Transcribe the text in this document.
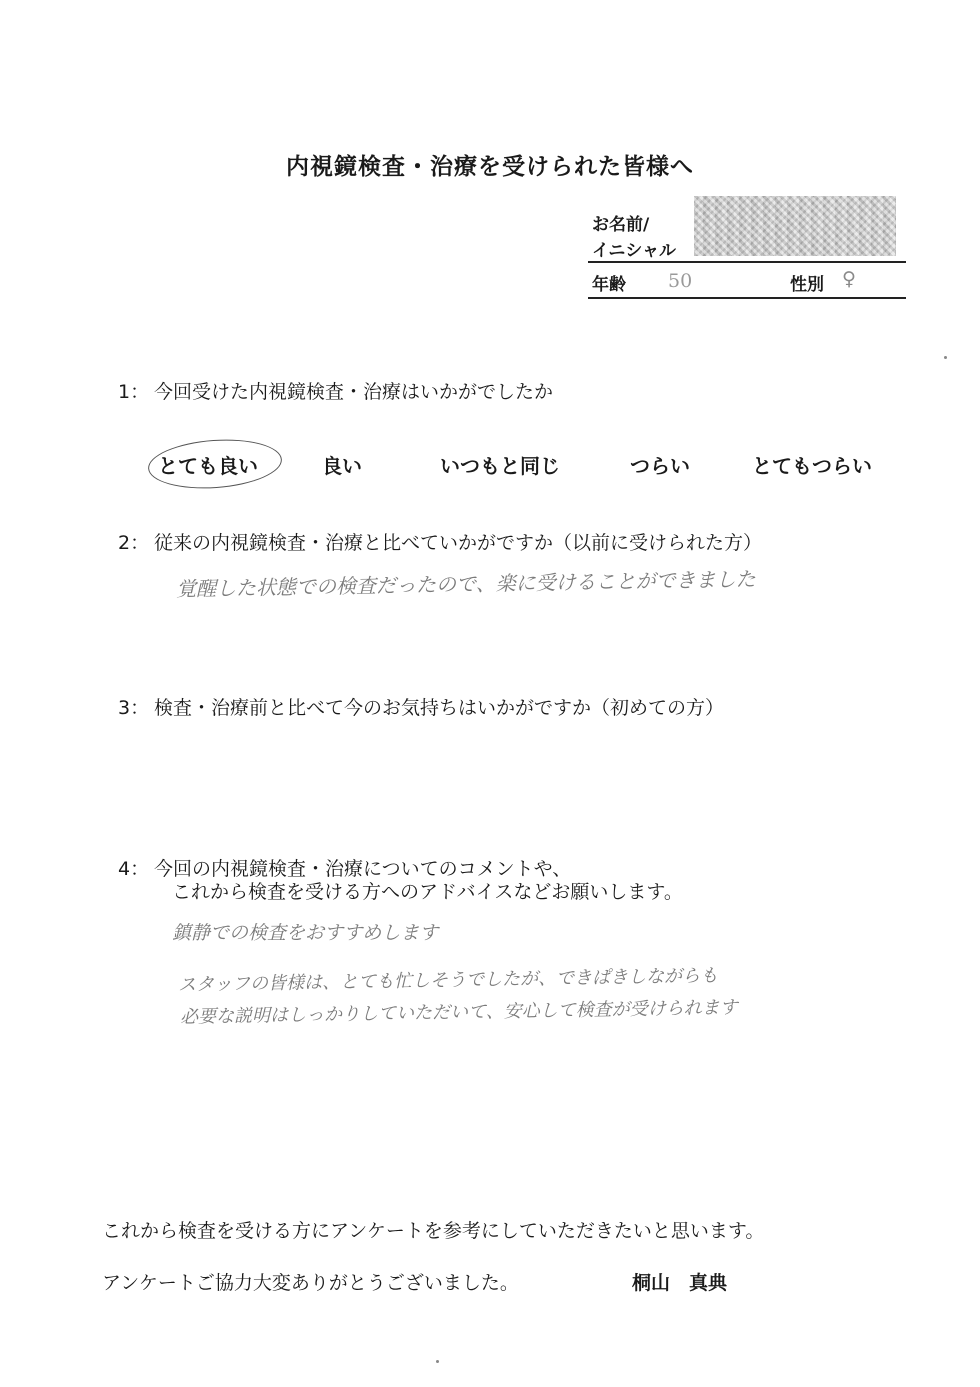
内視鏡検査・治療を受けられた皆様へ
お名前/
イニシャル
年齢 50	性別 ♀
1： 今回受けた内視鏡検査・治療はいかがでしたか
とても良い	良い	いつもと同じ	つらい	とてもつらい
2： 従来の内視鏡検査・治療と比べていかがですか（以前に受けられた方）
覚醒した状態での検査だったので、楽に受けることができました
3： 検査・治療前と比べて今のお気持ちはいかがですか（初めての方）
4： 今回の内視鏡検査・治療についてのコメントや、
これから検査を受ける方へのアドバイスなどお願いします。
鎮静での検査をおすすめします
スタッフの皆様は、とても忙しそうでしたが、できぱきしながらも
必要な説明はしっかりしていただいて、安心して検査が受けられます
これから検査を受ける方にアンケートを参考にしていただきたいと思います。
アンケートご協力大変ありがとうございました。	桐山　真典
